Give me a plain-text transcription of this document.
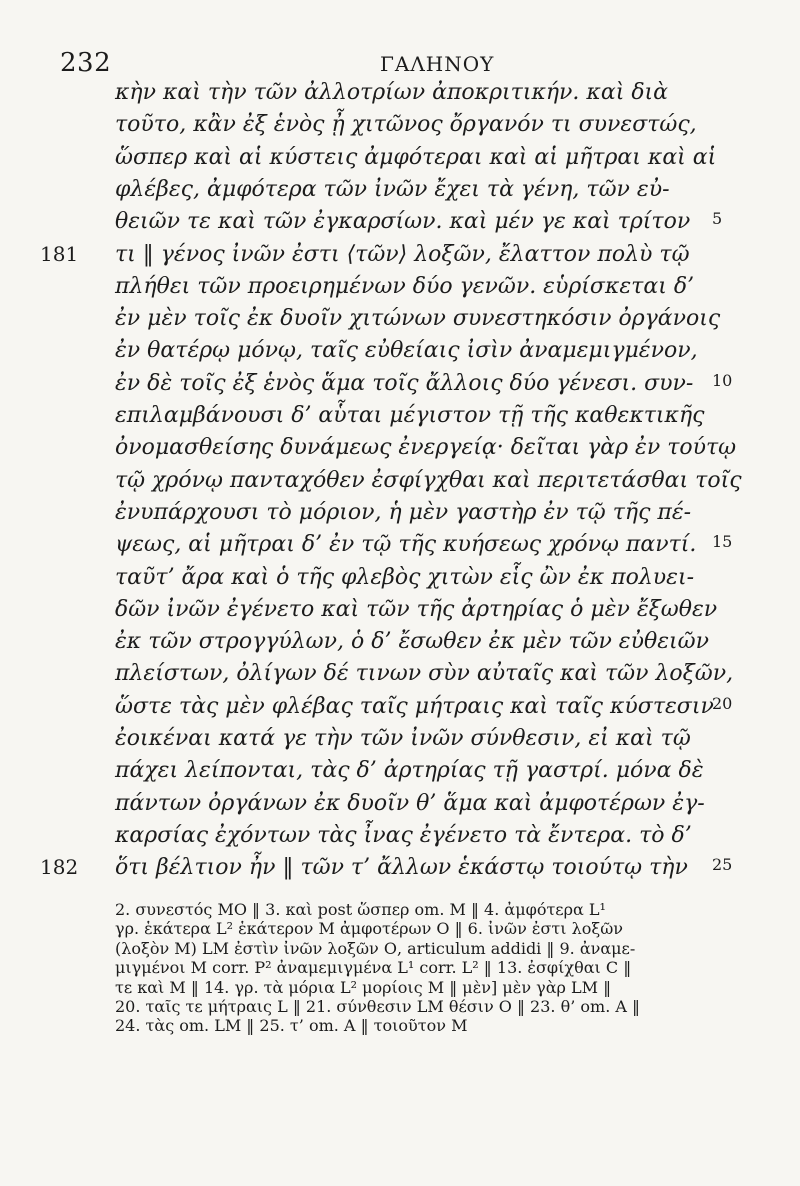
232	ΓΑΛΗΝΟΥ
κὴν καὶ τὴν τῶν ἀλλοτρίων ἀποκριτικήν. καὶ διὰ
τοῦτο, κἂν ἐξ ἑνὸς ᾖ χιτῶνος ὄργανόν τι συνεστώς,
ὥσπερ καὶ αἱ κύστεις ἀμφότεραι καὶ αἱ μῆτραι καὶ αἱ
φλέβες, ἀμφότερα τῶν ἰνῶν ἔχει τὰ γένη, τῶν εὐ-
θειῶν τε καὶ τῶν ἐγκαρσίων. καὶ μέν γε καὶ τρίτον 5
181 τι ‖ γένος ἰνῶν ἐστι ⟨τῶν⟩ λοξῶν, ἔλαττον πολὺ τῷ
πλήθει τῶν προειρημένων δύο γενῶν. εὑρίσκεται δ’
ἐν μὲν τοῖς ἐκ δυοῖν χιτώνων συνεστηκόσιν ὀργάνοις
ἐν θατέρῳ μόνῳ, ταῖς εὐθείαις ἰσὶν ἀναμεμιγμένον,
ἐν δὲ τοῖς ἐξ ἑνὸς ἅμα τοῖς ἄλλοις δύο γένεσι. συν- 10
επιλαμβάνουσι δ’ αὗται μέγιστον τῇ τῆς καθεκτικῆς
ὀνομασθείσης δυνάμεως ἐνεργείᾳ· δεῖται γὰρ ἐν τούτῳ
τῷ χρόνῳ πανταχόθεν ἐσφίγχθαι καὶ περιτετάσθαι τοῖς
ἐνυπάρχουσι τὸ μόριον, ἡ μὲν γαστὴρ ἐν τῷ τῆς πέ-
ψεως, αἱ μῆτραι δ’ ἐν τῷ τῆς κυήσεως χρόνῳ παντί. 15
ταῦτ’ ἄρα καὶ ὁ τῆς φλεβὸς χιτὼν εἷς ὢν ἐκ πολυει-
δῶν ἰνῶν ἐγένετο καὶ τῶν τῆς ἀρτηρίας ὁ μὲν ἔξωθεν
ἐκ τῶν στρογγύλων, ὁ δ’ ἔσωθεν ἐκ μὲν τῶν εὐθειῶν
πλείστων, ὀλίγων δέ τινων σὺν αὐταῖς καὶ τῶν λοξῶν,
ὥστε τὰς μὲν φλέβας ταῖς μήτραις καὶ ταῖς κύστεσιν
20
ἐοικέναι κατά γε τὴν τῶν ἰνῶν σύνθεσιν, εἰ καὶ τῷ
πάχει λείπονται, τὰς δ’ ἀρτηρίας τῇ γαστρί. μόνα δὲ
πάντων ὀργάνων ἐκ δυοῖν θ’ ἅμα καὶ ἀμφοτέρων ἐγ-
καρσίας ἐχόντων τὰς ἶνας ἐγένετο τὰ ἔντερα. τὸ δ’
182 ὅτι βέλτιον ἦν ‖ τῶν τ’ ἄλλων ἑκάστῳ τοιούτῳ τὴν 25
2. συνεστός ΜΟ ‖ 3. καὶ post ὥσπερ om. Μ ‖ 4. ἀμφότερα L¹
γρ. ἑκάτερα L² ἑκάτερον Μ ἀμφοτέρων Ο ‖ 6. ἰνῶν ἐστι λοξῶν
(λοξὸν Μ) LM ἐστὶν ἰνῶν λοξῶν Ο, articulum addidi ‖ 9. ἀναμε-
μιγμένοι Μ corr. P² ἀναμεμιγμένα L¹ corr. L² ‖ 13. ἐσφίχθαι C ‖
τε καὶ Μ ‖ 14. γρ. τὰ μόρια L² μορίοις Μ ‖ μὲν] μὲν γὰρ LM ‖
20. ταῖς τε μήτραις L ‖ 21. σύνθεσιν LM θέσιν Ο ‖ 23. θ’ om. A ‖
24. τὰς om. LM ‖ 25. τ’ om. A ‖ τοιοῦτον Μ
